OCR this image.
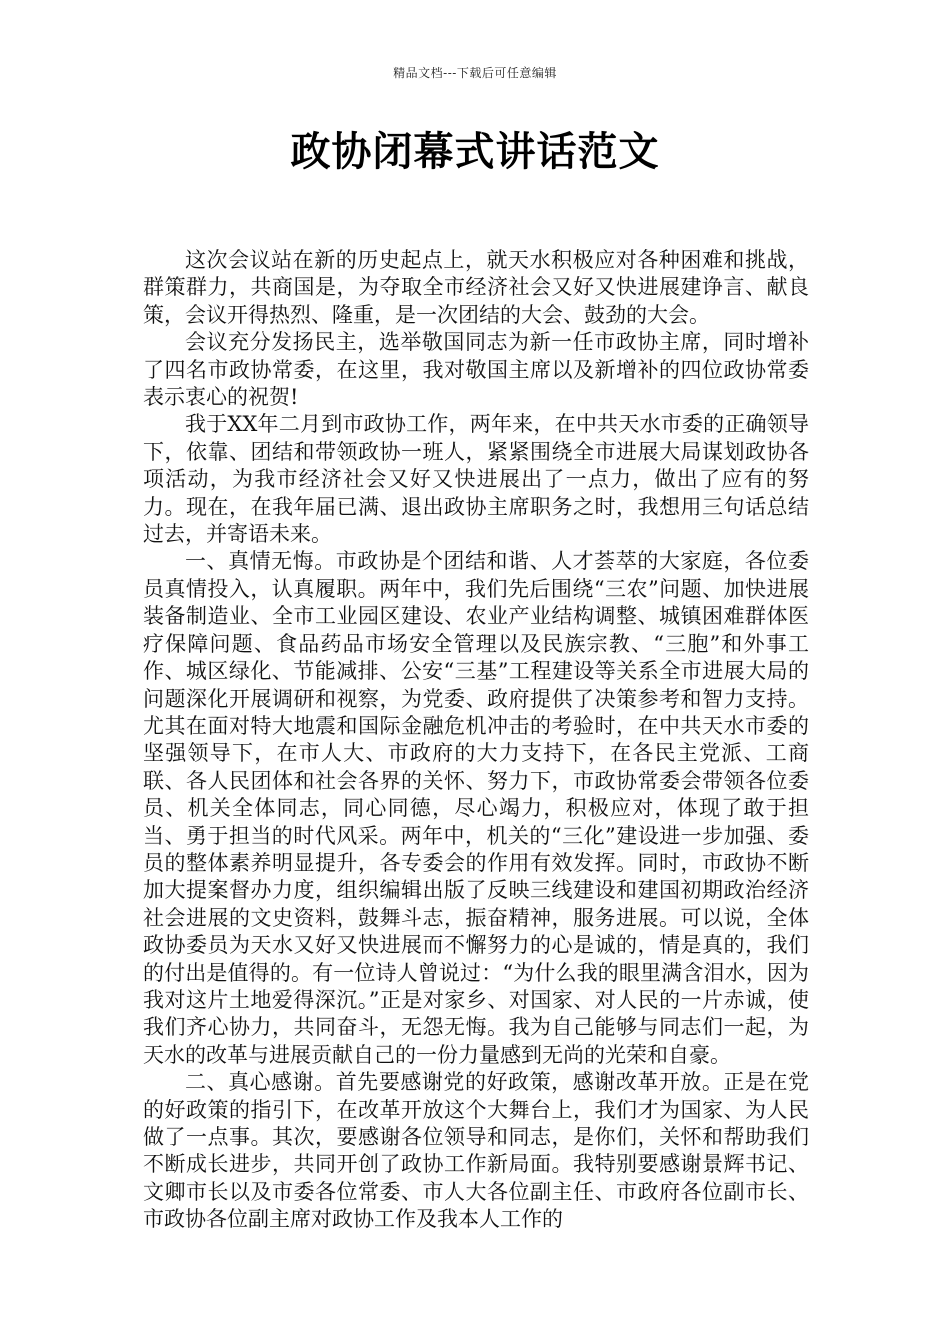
精品文档---下载后可任意编辑
政协闭幕式讲话范文

这次会议站在新的历史起点上，就天水积极应对各种困难和挑战，群策群力，共商国是，为夺取全市经济社会又好又快进展建诤言、献良策，会议开得热烈、隆重，是一次团结的大会、鼓劲的大会。

会议充分发扬民主，选举敬国同志为新一任市政协主席，同时增补了四名市政协常委，在这里，我对敬国主席以及新增补的四位政协常委表示衷心的祝贺!

我于XX年二月到市政协工作，两年来，在中共天水市委的正确领导下，依靠、团结和带领政协一班人，紧紧围绕全市进展大局谋划政协各项活动，为我市经济社会又好又快进展出了一点力，做出了应有的努力。现在，在我年届已满、退出政协主席职务之时，我想用三句话总结过去，并寄语未来。

一、真情无悔。市政协是个团结和谐、人才荟萃的大家庭，各位委员真情投入，认真履职。两年中，我们先后围绕“三农”问题、加快进展装备制造业、全市工业园区建设、农业产业结构调整、城镇困难群体医疗保障问题、食品药品市场安全管理以及民族宗教、“三胞”和外事工作、城区绿化、节能减排、公安“三基”工程建设等关系全市进展大局的问题深化开展调研和视察，为党委、政府提供了决策参考和智力支持。尤其在面对特大地震和国际金融危机冲击的考验时，在中共天水市委的坚强领导下，在市人大、市政府的大力支持下，在各民主党派、工商联、各人民团体和社会各界的关怀、努力下，市政协常委会带领各位委员、机关全体同志，同心同德，尽心竭力，积极应对，体现了敢于担当、勇于担当的时代风采。两年中，机关的“三化”建设进一步加强、委员的整体素养明显提升，各专委会的作用有效发挥。同时，市政协不断加大提案督办力度，组织编辑出版了反映三线建设和建国初期政治经济社会进展的文史资料，鼓舞斗志，振奋精神，服务进展。可以说，全体政协委员为天水又好又快进展而不懈努力的心是诚的，情是真的，我们的付出是值得的。有一位诗人曾说过：“为什么我的眼里满含泪水，因为我对这片土地爱得深沉。”正是对家乡、对国家、对人民的一片赤诚，使我们齐心协力，共同奋斗，无怨无悔。我为自己能够与同志们一起，为天水的改革与进展贡献自己的一份力量感到无尚的光荣和自豪。

二、真心感谢。首先要感谢党的好政策，感谢改革开放。正是在党的好政策的指引下，在改革开放这个大舞台上，我们才为国家、为人民做了一点事。其次，要感谢各位领导和同志，是你们，关怀和帮助我们不断成长进步，共同开创了政协工作新局面。我特别要感谢景辉书记、文卿市长以及市委各位常委、市人大各位副主任、市政府各位副市长、市政协各位副主席对政协工作及我本人工作的
